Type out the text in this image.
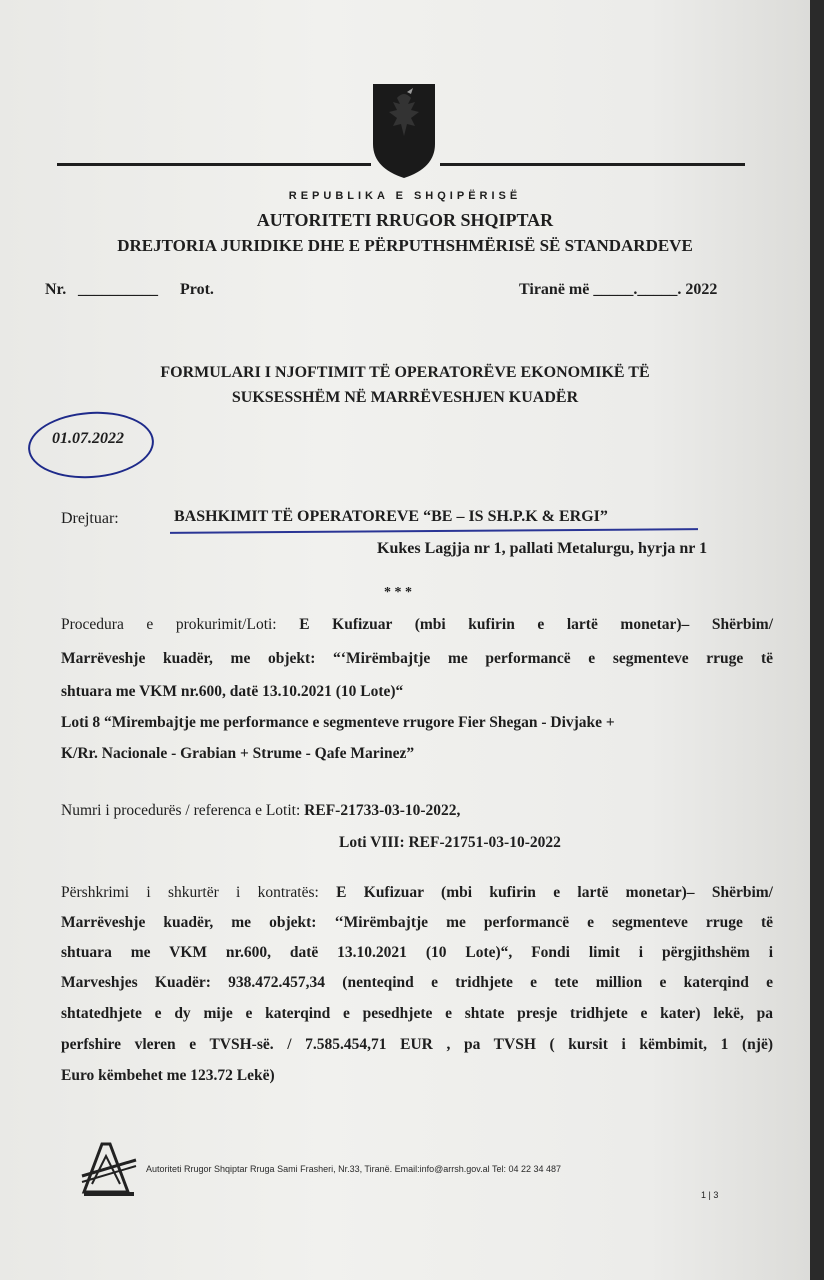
REPUBLIKA E SHQIPËRISË
AUTORITETI RRUGOR SHQIPTAR
DREJTORIA JURIDIKE DHE E PËRPUTHSHMËRISË SË STANDARDEVE
Nr. __________ Prot.	Tiranë më _____._____. 2022
FORMULARI I NJOFTIMIT TË OPERATORËVE EKONOMIKË TË
SUKSESSHËM NË MARRËVESHJEN KUADËR
01.07.2022
Drejtuar:	BASHKIMIT TË OPERATOREVE “BE – IS SH.P.K & ERGI”
Kukes Lagjja nr 1, pallati Metalurgu, hyrja nr 1
* * *
Procedura e prokurimit/Loti: E Kufizuar (mbi kufirin e lartë monetar)– Shërbim/
Marrëveshje kuadër, me objekt: “‘Mirëmbajtje me performancë e segmenteve rruge të
shtuara me VKM nr.600, datë 13.10.2021 (10 Lote)“
Loti 8 “Mirembajtje me performance e segmenteve rrugore Fier Shegan - Divjake +
K/Rr. Nacionale - Grabian + Strume - Qafe Marinez”
Numri i procedurës / referenca e Lotit: REF-21733-03-10-2022,
Loti VIII: REF-21751-03-10-2022
Përshkrimi i shkurtër i kontratës: E Kufizuar (mbi kufirin e lartë monetar)– Shërbim/
Marrëveshje kuadër, me objekt: ‘‘Mirëmbajtje me performancë e segmenteve rruge të
shtuara me VKM nr.600, datë 13.10.2021 (10 Lote)“, Fondi limit i përgjithshëm i
Marveshjes Kuadër: 938.472.457,34 (nenteqind e tridhjete e tete million e katerqind e
shtatedhjete e dy mije e katerqind e pesedhjete e shtate presje tridhjete e kater) lekë, pa
perfshire vleren e TVSH-së. / 7.585.454,71 EUR , pa TVSH ( kursit i këmbimit, 1 (një)
Euro këmbehet me 123.72 Lekë)
Autoriteti Rrugor Shqiptar Rruga Sami Frasheri, Nr.33, Tiranë. Email:info@arrsh.gov.al Tel: 04 22 34 487
1 | 3
